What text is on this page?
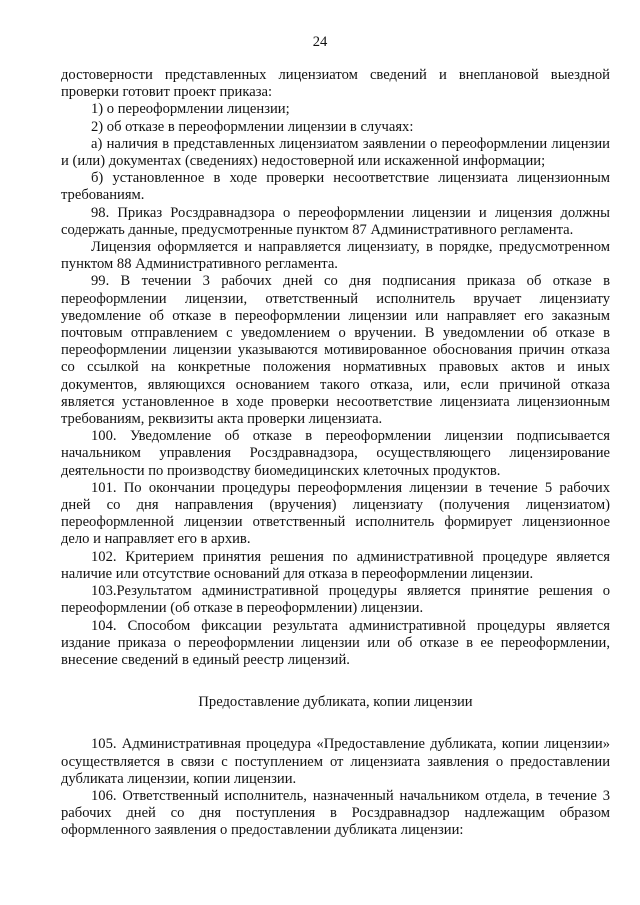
24

достоверности представленных лицензиатом сведений и внеплановой выездной проверки готовит проект приказа:

1) о переоформлении лицензии;

2) об отказе в переоформлении лицензии в случаях:

а) наличия в представленных лицензиатом заявлении о переоформлении лицензии и (или) документах (сведениях) недостоверной или искаженной информации;

б) установленное в ходе проверки несоответствие лицензиата лицензионным требованиям.

98. Приказ Росздравнадзора о переоформлении лицензии и лицензия должны содержать данные, предусмотренные пунктом 87 Административного регламента.

Лицензия оформляется и направляется лицензиату, в порядке, предусмотренном пунктом 88 Административного регламента.

99. В течении 3 рабочих дней со дня подписания приказа об отказе в переоформлении лицензии, ответственный исполнитель вручает лицензиату уведомление об отказе в переоформлении лицензии или направляет его заказным почтовым отправлением с уведомлением о вручении. В уведомлении об отказе в переоформлении лицензии указываются мотивированное обоснования причин отказа со ссылкой на конкретные положения нормативных правовых актов и иных документов, являющихся основанием такого отказа, или, если причиной отказа является установленное в ходе проверки несоответствие лицензиата лицензионным требованиям, реквизиты акта проверки лицензиата.

100. Уведомление об отказе в переоформлении лицензии подписывается начальником управления Росздравнадзора, осуществляющего лицензирование деятельности по производству биомедицинских клеточных продуктов.

101. По окончании процедуры переоформления лицензии в течение 5 рабочих дней со дня направления (вручения) лицензиату (получения лицензиатом) переоформленной лицензии ответственный исполнитель формирует лицензионное дело и направляет его в архив.

102. Критерием принятия решения по административной процедуре является наличие или отсутствие оснований для отказа в переоформлении лицензии.

103.Результатом административной процедуры является принятие решения о переоформлении (об отказе в переоформлении) лицензии.

104. Способом фиксации результата административной процедуры является издание приказа о переоформлении лицензии или об отказе в ее переоформлении, внесение сведений в единый реестр лицензий.

Предоставление дубликата, копии лицензии

105. Административная процедура «Предоставление дубликата, копии лицензии» осуществляется в связи с поступлением от лицензиата заявления о предоставлении дубликата лицензии, копии лицензии.

106. Ответственный исполнитель, назначенный начальником отдела, в течение 3 рабочих дней со дня поступления в Росздравнадзор надлежащим образом оформленного заявления о предоставлении дубликата лицензии:
